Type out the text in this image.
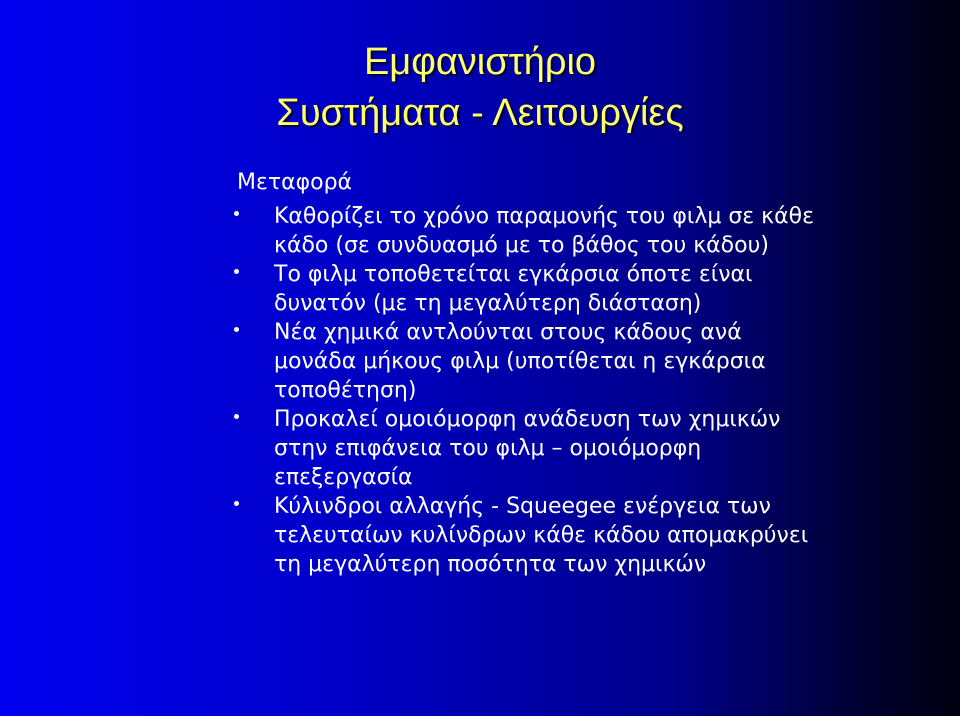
Εμφανιστήριο
Συστήματα - Λειτουργίες
Μεταφορά
Καθορίζει το χρόνο παραμονής του φιλμ σε κάθε κάδο (σε συνδυασμό με το βάθος του κάδου)
Το φιλμ τοποθετείται εγκάρσια όποτε είναι δυνατόν (με τη μεγαλύτερη διάσταση)
Νέα χημικά αντλούνται στους κάδους ανά μονάδα μήκους φιλμ (υποτίθεται η εγκάρσια τοποθέτηση)
Προκαλεί ομοιόμορφη ανάδευση των χημικών στην επιφάνεια του φιλμ – ομοιόμορφη επεξεργασία
Κύλινδροι αλλαγής - Squeegee ενέργεια των τελευταίων κυλίνδρων κάθε κάδου απομακρύνει τη μεγαλύτερη ποσότητα των χημικών
